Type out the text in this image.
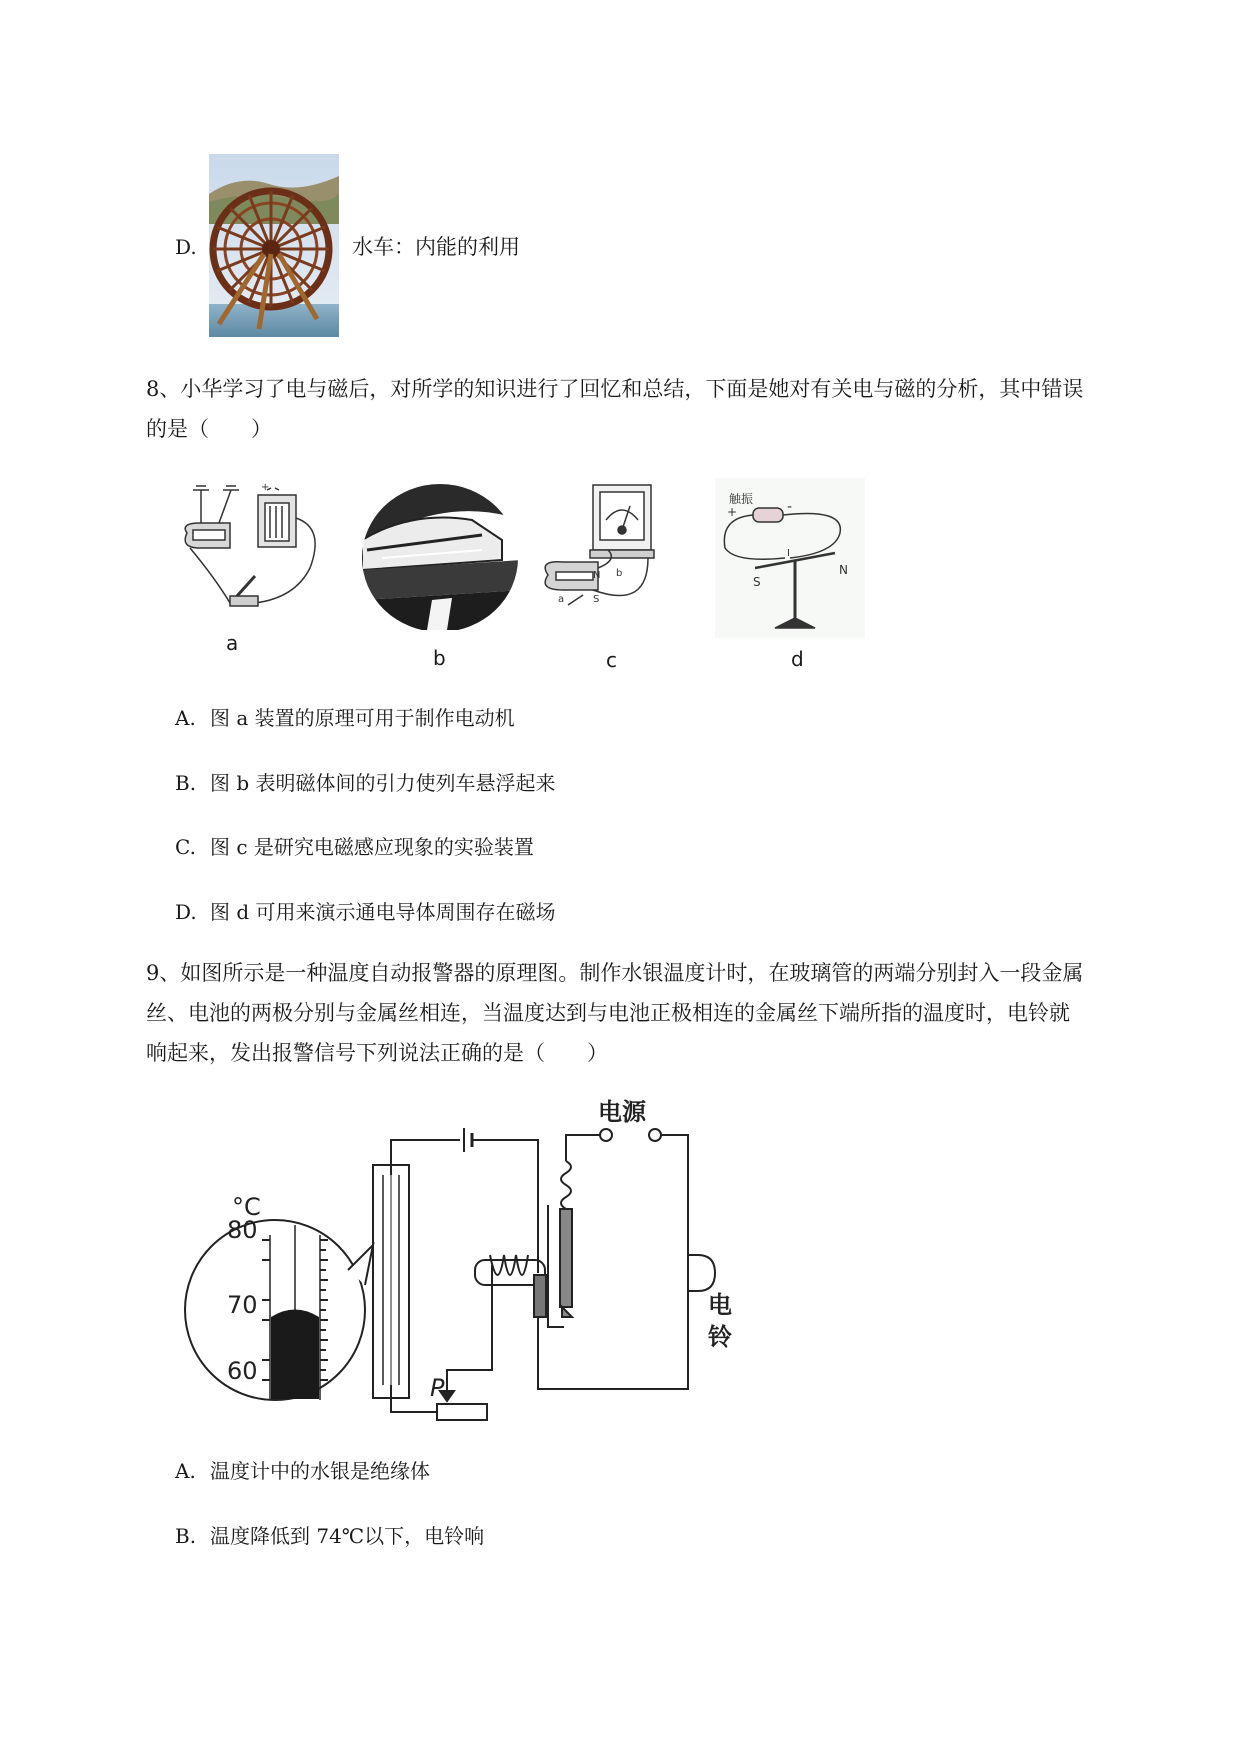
D.	水车：内能的利用
8、小华学习了电与磁后，对所学的知识进行了回忆和总结，下面是她对有关电与磁的分析，其中错误
的是（　　）
+
a
b
N
S
a
b
c
触振
+	-
I
S
N
d
A. 图 a 装置的原理可用于制作电动机
B. 图 b 表明磁体间的引力使列车悬浮起来
C. 图 c 是研究电磁感应现象的实验装置
D. 图 d 可用来演示通电导体周围存在磁场
9、如图所示是一种温度自动报警器的原理图。制作水银温度计时，在玻璃管的两端分别封入一段金属
丝、电池的两极分别与金属丝相连，当温度达到与电池正极相连的金属丝下端所指的温度时，电铃就
响起来，发出报警信号下列说法正确的是（　　）
80
70
60
°C
P
电源
电
铃
A. 温度计中的水银是绝缘体
B. 温度降低到 74℃以下，电铃响
